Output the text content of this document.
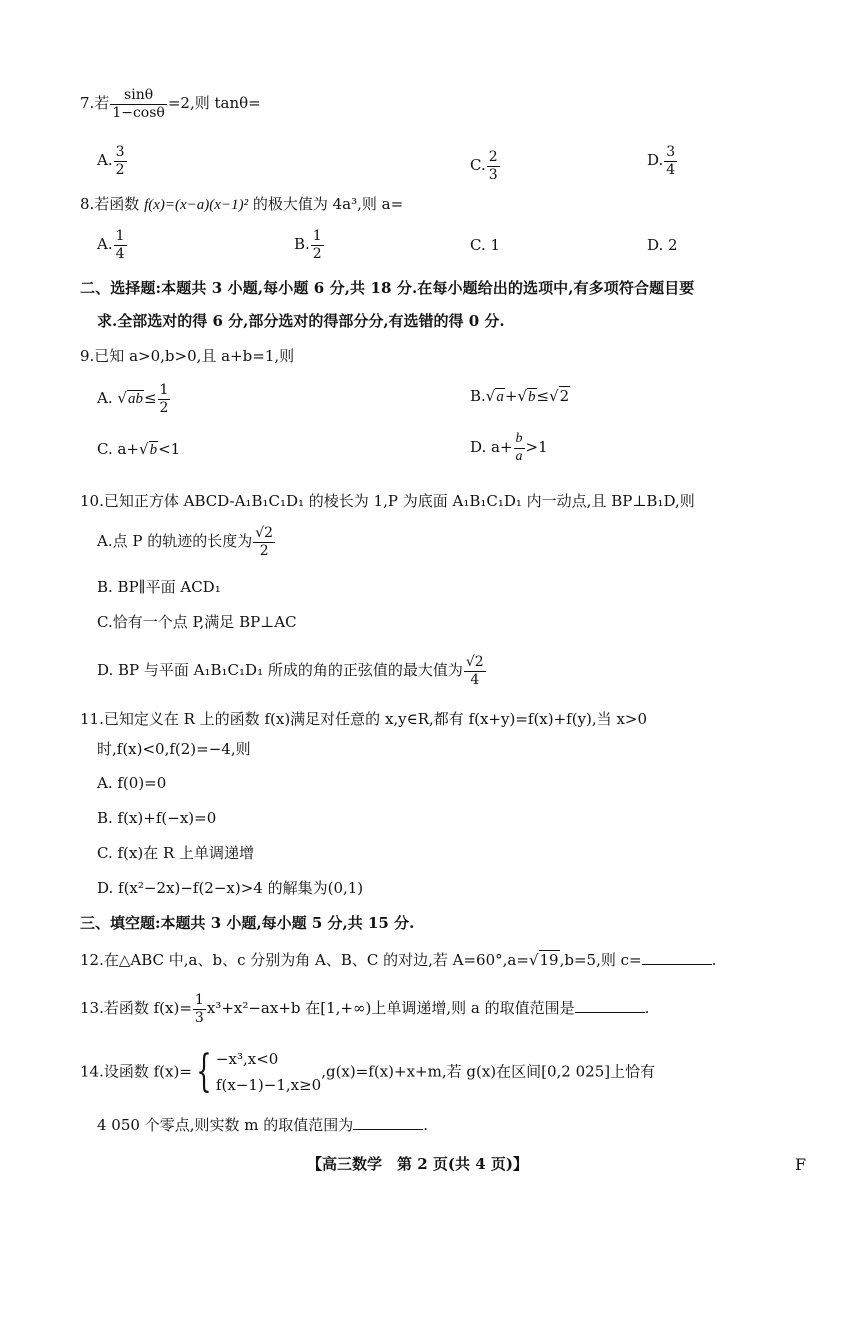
7.若 $\frac{\sin\theta}{1-\cos\theta} =2$,则 tanθ=
A. $\frac{3}{2}$	C. $\frac{2}{3}$	D. $\frac{3}{4}$
8.若函数 f(x)=(x−a)(x−1)² 的极大值为 4a³,则 a=
A. $\frac{1}{4}$	B. $\frac{1}{2}$	C. 1	D. 2
二、选择题:本题共 3 小题,每小题 6 分,共 18 分.在每小题给出的选项中,有多项符合题目要
求.全部选对的得 6 分,部分选对的得部分分,有选错的得 0 分.
9.已知 a>0,b>0,且 a+b=1,则
A. $√ab\le \frac{1}{2}$	B.√a+√b≤√2
C. a+√b<1	D. $a+ \frac{b}{a} >1$
10.已知正方体 ABCD-A₁B₁C₁D₁ 的棱长为 1,P 为底面 A₁B₁C₁D₁ 内一动点,且 BP⊥B₁D,则
A.点 P 的轨迹的长度为 $\frac{√2}{2}$
B. BP∥平面 ACD₁
C.恰有一个点 P,满足 BP⊥AC
D. BP 与平面 A₁B₁C₁D₁ 所成的角的正弦值的最大值为 $\frac{√2}{4}$
11.已知定义在 R 上的函数 f(x)满足对任意的 x,y∈R,都有 f(x+y)=f(x)+f(y),当 x>0
时,f(x)<0,f(2)=−4,则
A. f(0)=0
B. f(x)+f(−x)=0
C. f(x)在 R 上单调递增
D. f(x²−2x)−f(2−x)>4 的解集为(0,1)
三、填空题:本题共 3 小题,每小题 5 分,共 15 分.
12.在△ABC 中,a、b、c 分别为角 A、B、C 的对边,若 A=60°,a=√19,b=5,则 c=	.
13.若函数 $f(x)= \frac{1}{3} x^3+x^2-ax+b$ 在[1,+∞)上单调递增,则 a 的取值范围是	.
14.设函数 f(x)={ −x³,x<0
f(x−1)−1,x≥0
,g(x)=f(x)+x+m,若 g(x)在区间[0,2 025]上恰有
4 050 个零点,则实数 m 的取值范围为	.
【高三数学　第 2 页(共 4 页)】	F
